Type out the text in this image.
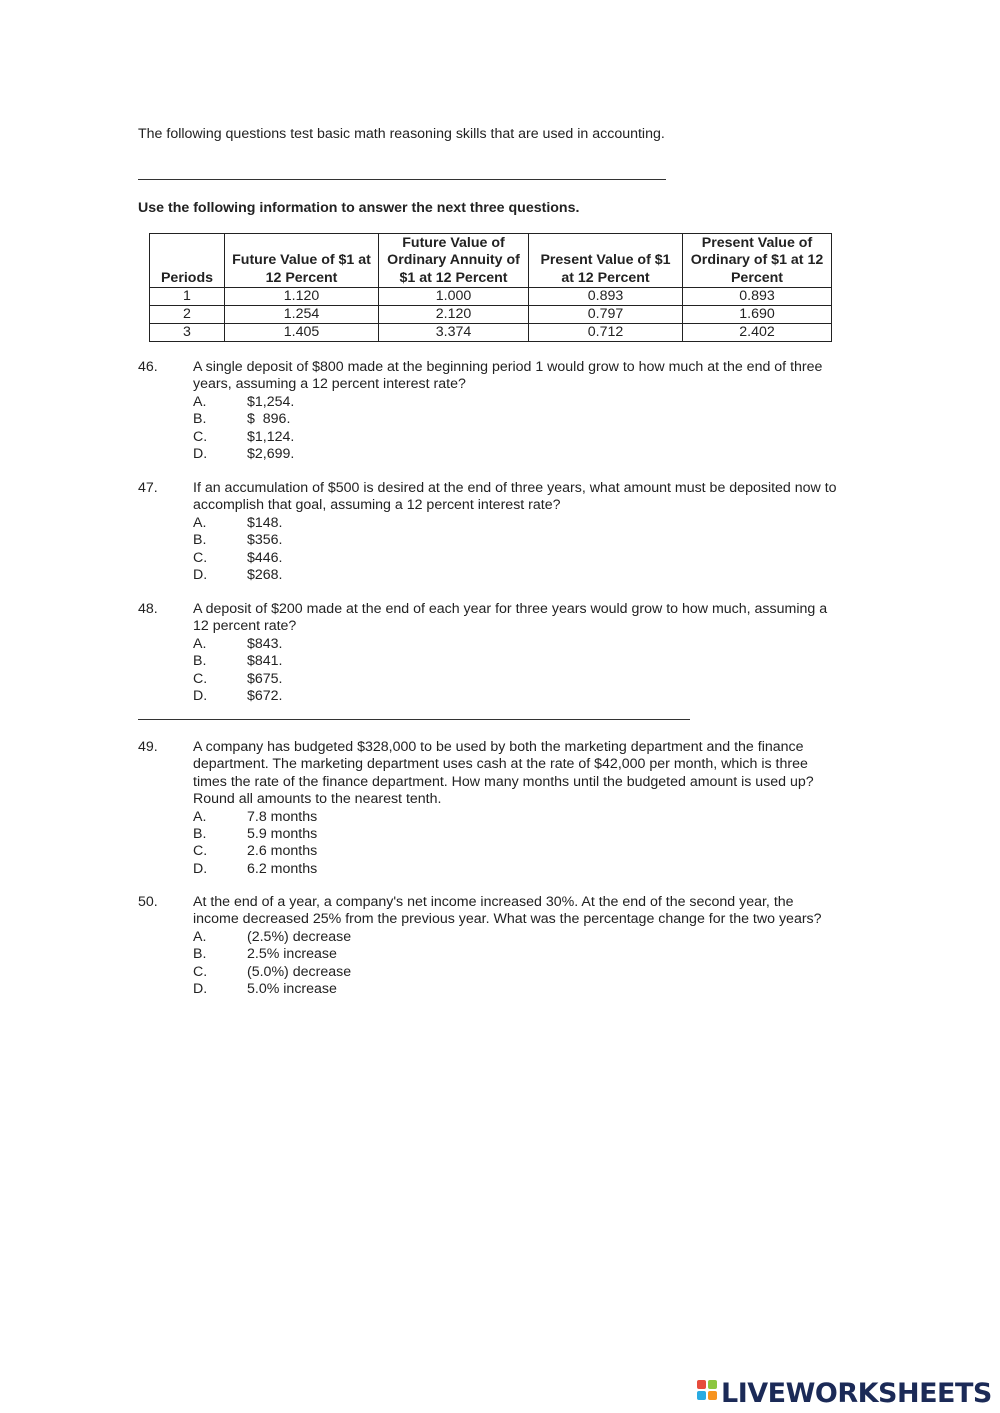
The following questions test basic math reasoning skills that are used in accounting.
Use the following information to answer the next three questions.
Periods	Future Value of $1 at 12 Percent	Future Value of Ordinary Annuity of $1 at 12 Percent	Present Value of $1 at 12 Percent	Present Value of Ordinary of $1 at 12 Percent
1	1.120	1.000	0.893	0.893
2	1.254	2.120	0.797	1.690
3	1.405	3.374	0.712	2.402
46. A single deposit of $800 made at the beginning period 1 would grow to how much at the end of three years, assuming a 12 percent interest rate?
A.	$1,254.
B.	$  896.
C.	$1,124.
D.	$2,699.
47. If an accumulation of $500 is desired at the end of three years, what amount must be deposited now to accomplish that goal, assuming a 12 percent interest rate?
A.	$148.
B.	$356.
C.	$446.
D.	$268.
48. A deposit of $200 made at the end of each year for three years would grow to how much, assuming a 12 percent rate?
A.	$843.
B.	$841.
C.	$675.
D.	$672.
49. A company has budgeted $328,000 to be used by both the marketing department and the finance department. The marketing department uses cash at the rate of $42,000 per month, which is three times the rate of the finance department. How many months until the budgeted amount is used up? Round all amounts to the nearest tenth.
A.	7.8 months
B.	5.9 months
C.	2.6 months
D.	6.2 months
50. At the end of a year, a company's net income increased 30%. At the end of the second year, the income decreased 25% from the previous year. What was the percentage change for the two years?
A.	(2.5%) decrease
B.	2.5% increase
C.	(5.0%) decrease
D.	5.0% increase
LIVEWORKSHEETS
